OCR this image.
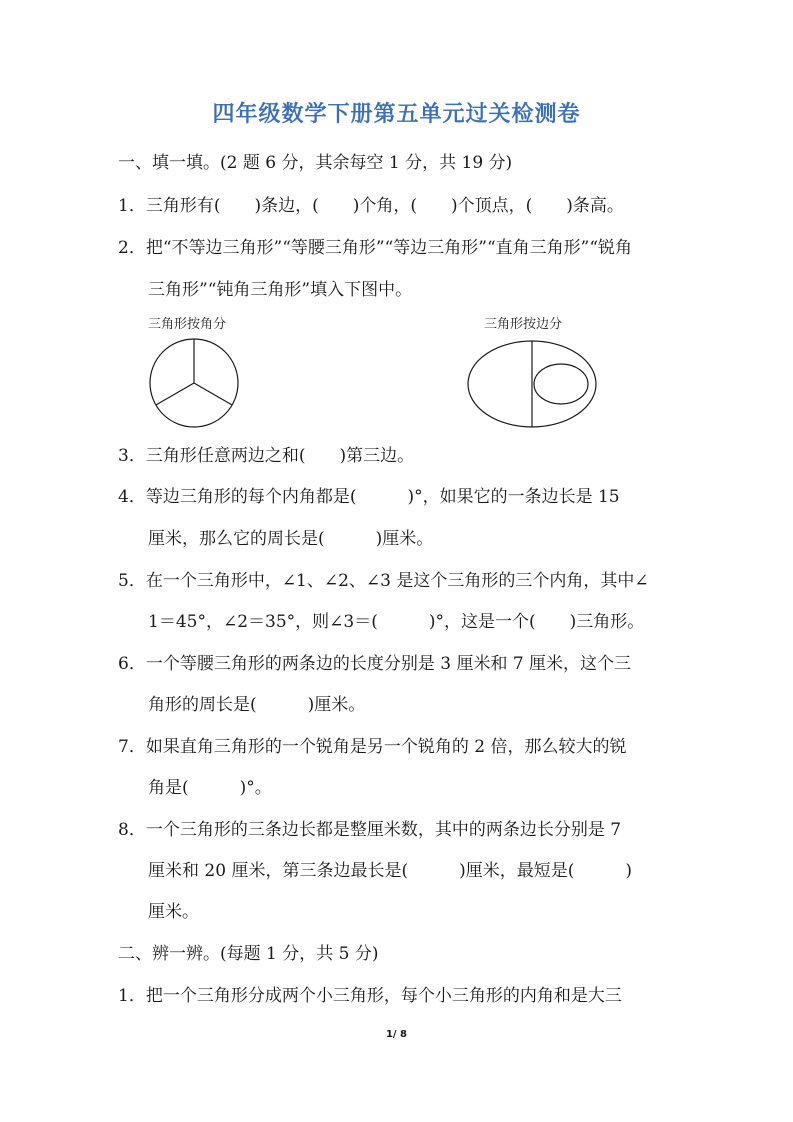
四年级数学下册第五单元过关检测卷
一、填一填。(2 题 6 分，其余每空 1 分，共 19 分)
1．三角形有(　　)条边，(　　)个角，(　　)个顶点，(　　)条高。
2．把“不等边三角形”“等腰三角形”“等边三角形”“直角三角形”“锐角
三角形”“钝角三角形”填入下图中。
三角形按角分	三角形按边分
3．三角形任意两边之和(　　)第三边。
4．等边三角形的每个内角都是(　　　)°，如果它的一条边长是 15
厘米，那么它的周长是(　　　)厘米。
5．在一个三角形中，∠1、∠2、∠3 是这个三角形的三个内角，其中∠
1＝45°，∠2＝35°，则∠3＝(　　　)°，这是一个(　　)三角形。
6．一个等腰三角形的两条边的长度分别是 3 厘米和 7 厘米，这个三
角形的周长是(　　　)厘米。
7．如果直角三角形的一个锐角是另一个锐角的 2 倍，那么较大的锐
角是(　　　)°。
8．一个三角形的三条边长都是整厘米数，其中的两条边长分别是 7
厘米和 20 厘米，第三条边最长是(　　　)厘米，最短是(　　　)
厘米。
二、辨一辨。(每题 1 分，共 5 分)
1．把一个三角形分成两个小三角形，每个小三角形的内角和是大三
1/ 8
